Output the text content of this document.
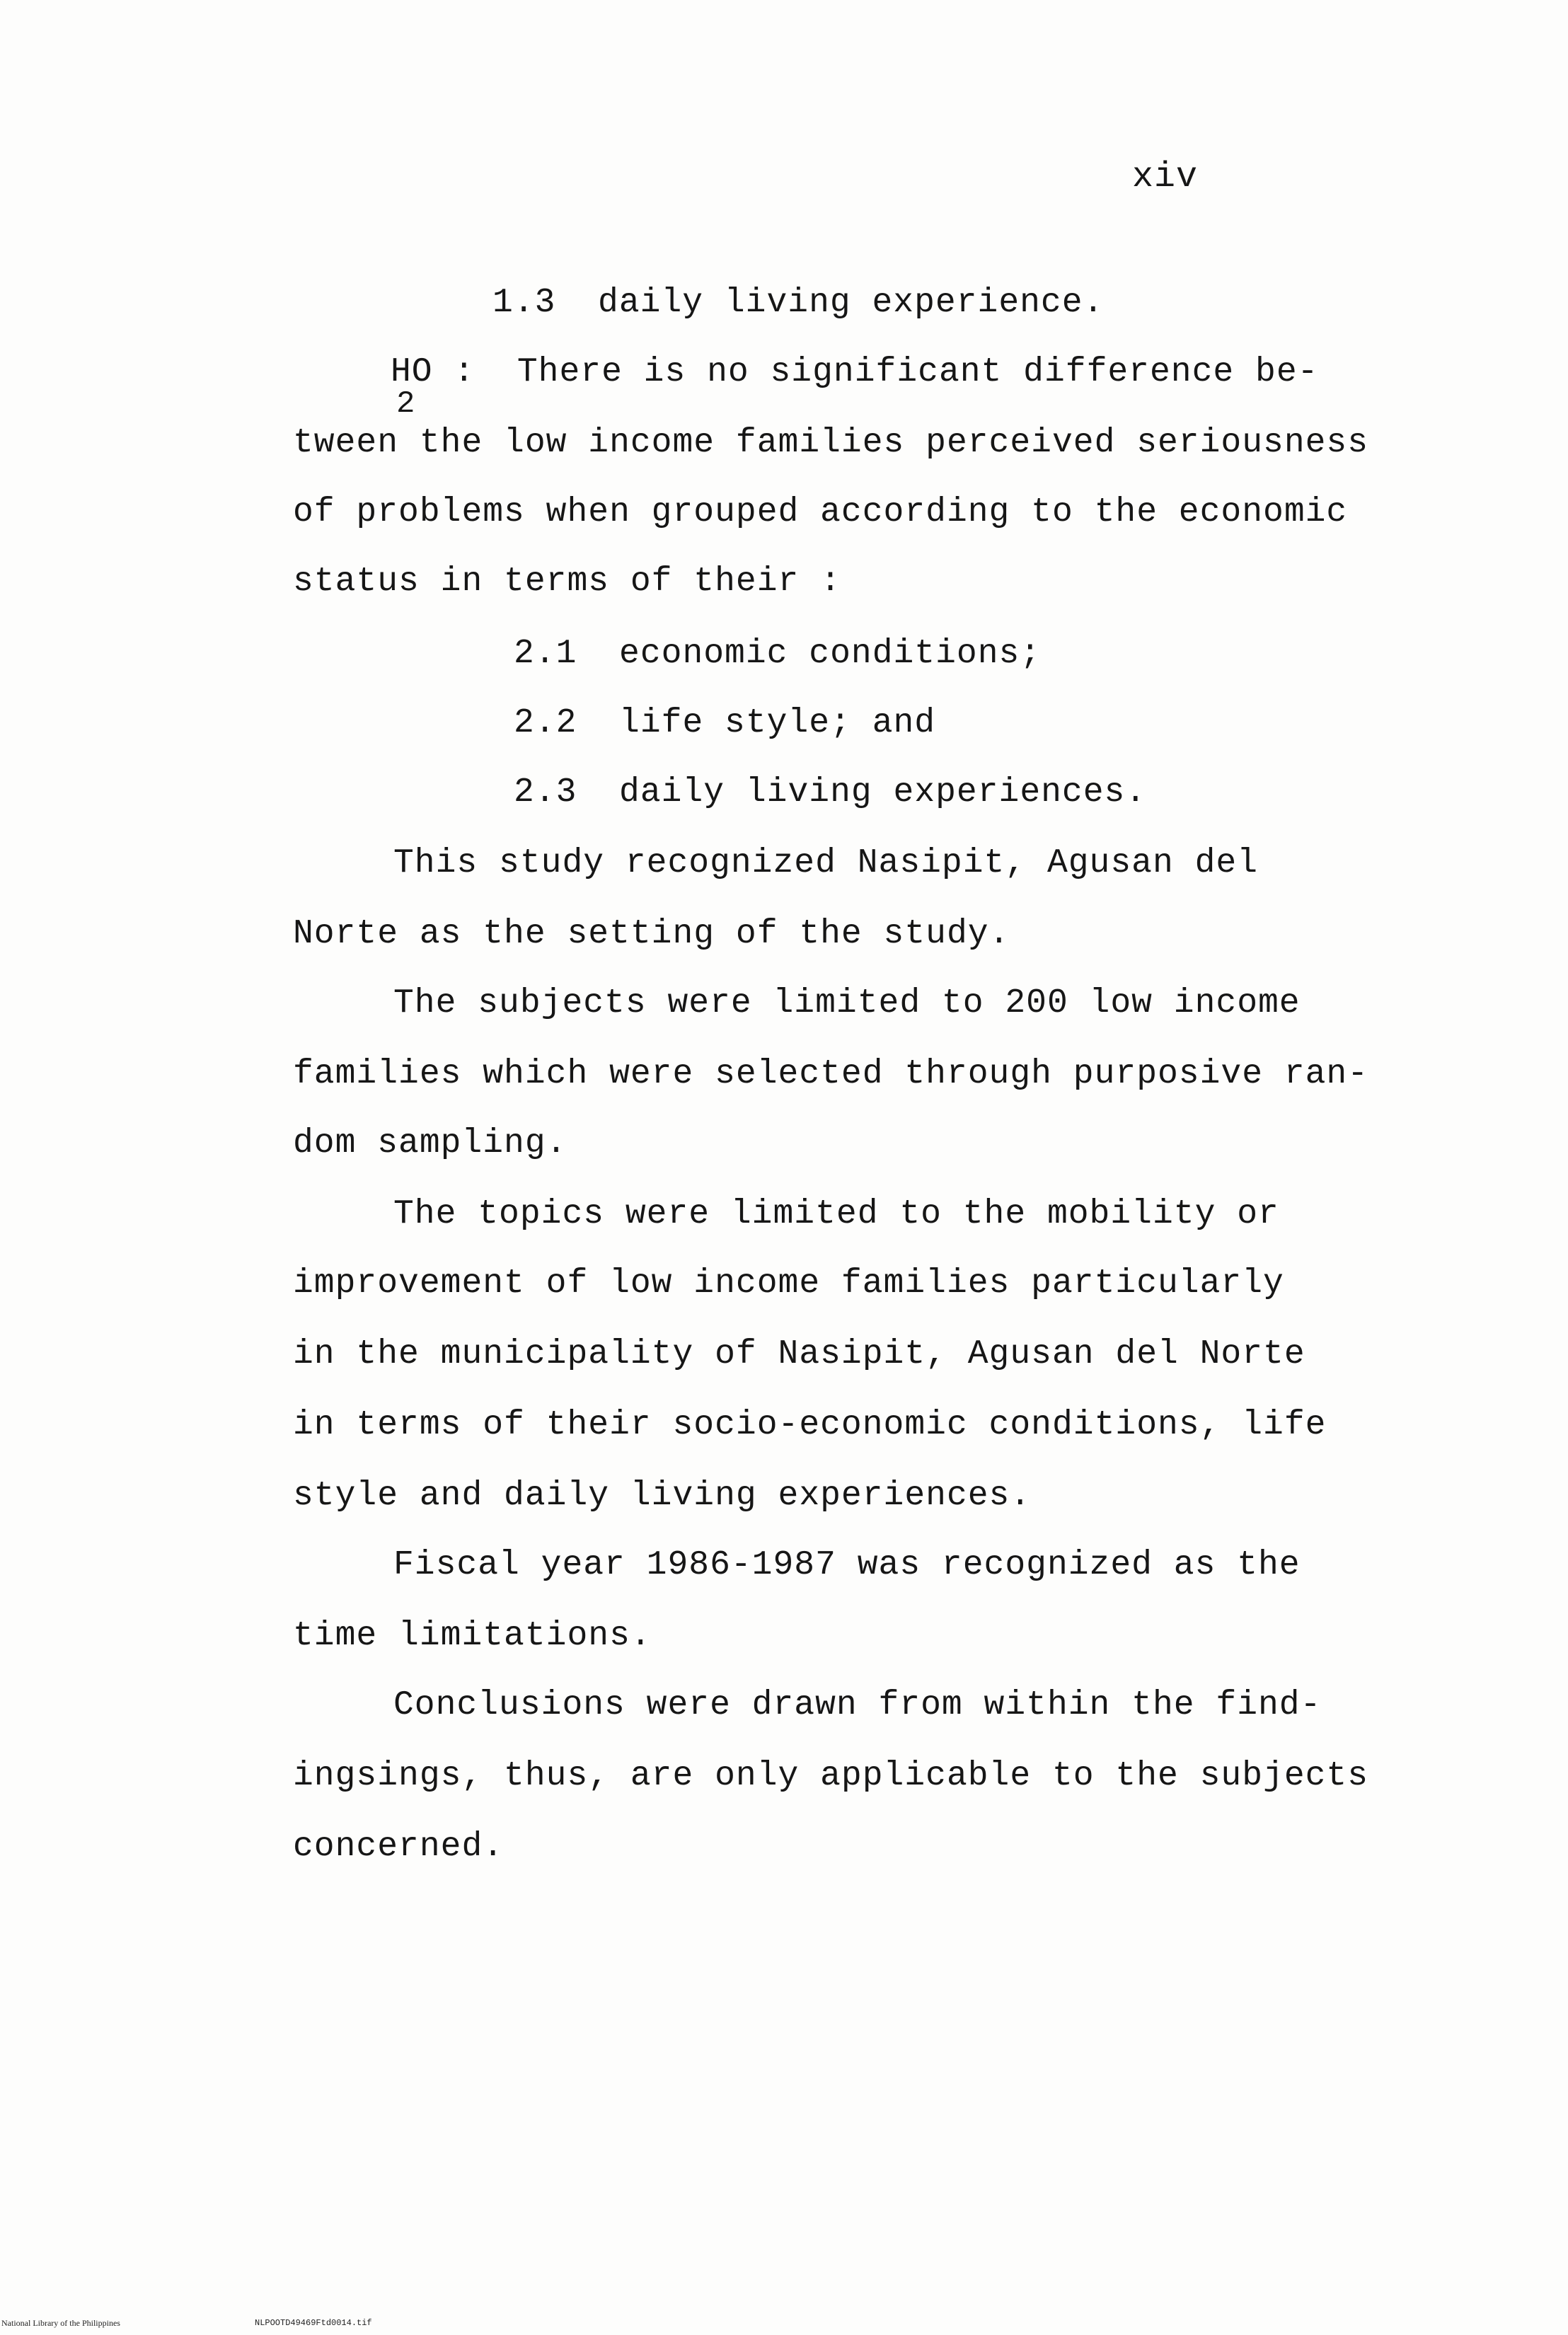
xiv

1.3 daily living experience.

HO
2
: There is no significant difference be-

tween the low income families perceived seriousness

of problems when grouped according to the economic

status in terms of their :

2.1 economic conditions;

2.2 life style; and

2.3 daily living experiences.

This study recognized Nasipit, Agusan del

Norte as the setting of the study.

The subjects were limited to 200 low income

families which were selected through purposive ran-

dom sampling.

The topics were limited to the mobility or

improvement of low income families particularly

in the municipality of Nasipit, Agusan del Norte

in terms of their socio-economic conditions, life

style and daily living experiences.

Fiscal year 1986-1987 was recognized as the

time limitations.

Conclusions were drawn from within the find-

ingsings, thus, are only applicable to the subjects

concerned.

National Library of the Philippines	NLPOOTD49469Ftd0014.tif
